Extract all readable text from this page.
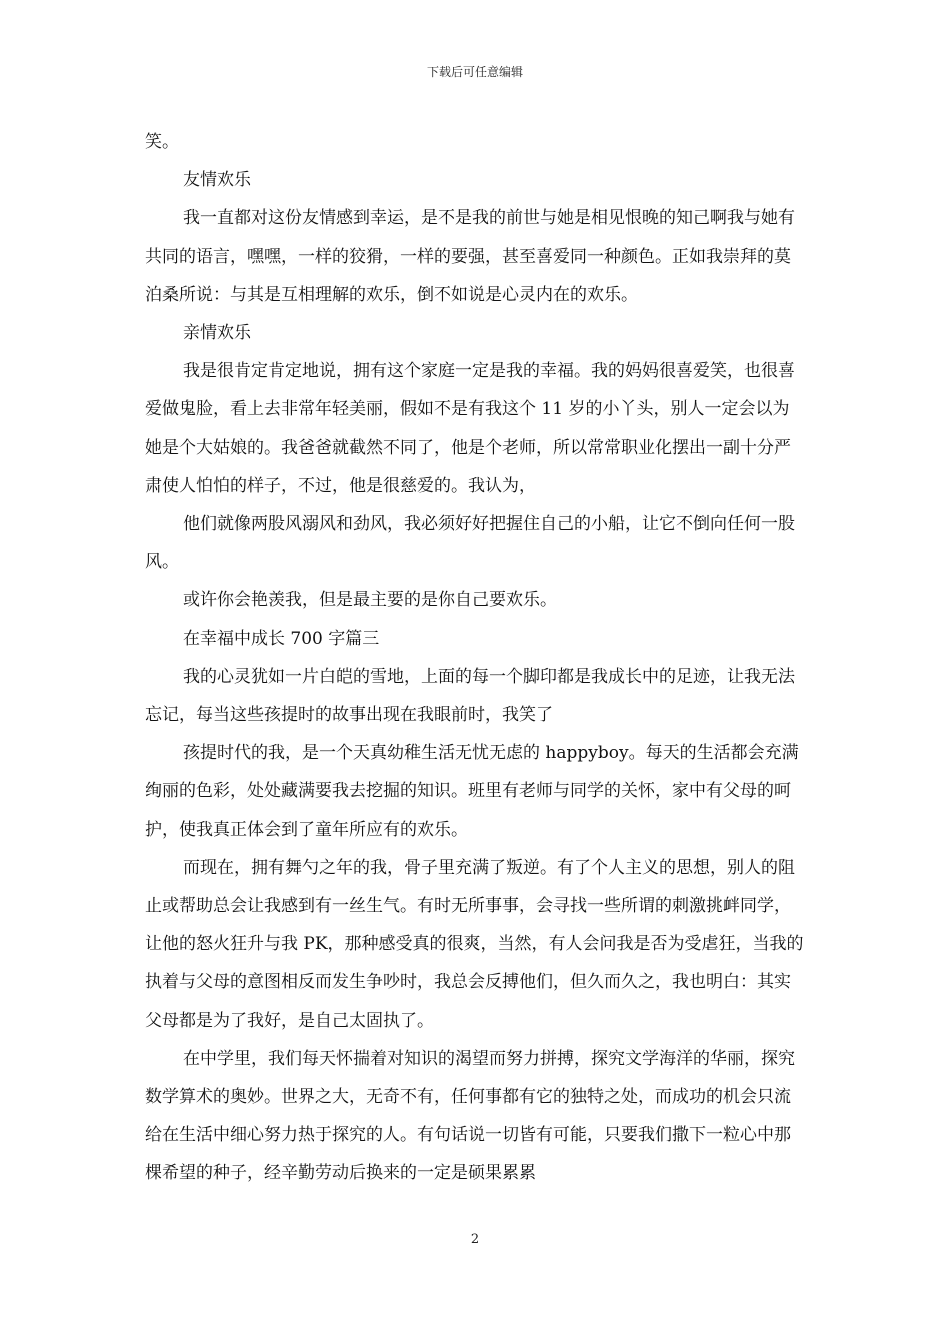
下载后可任意编辑

笑。

友情欢乐

我一直都对这份友情感到幸运，是不是我的前世与她是相见恨晚的知己啊我与她有共同的语言，嘿嘿，一样的狡猾，一样的要强，甚至喜爱同一种颜色。正如我崇拜的莫泊桑所说：与其是互相理解的欢乐，倒不如说是心灵内在的欢乐。

亲情欢乐

我是很肯定肯定地说，拥有这个家庭一定是我的幸福。我的妈妈很喜爱笑，也很喜爱做鬼脸，看上去非常年轻美丽，假如不是有我这个 11 岁的小丫头，别人一定会以为她是个大姑娘的。我爸爸就截然不同了，他是个老师，所以常常职业化摆出一副十分严肃使人怕怕的样子，不过，他是很慈爱的。我认为，

他们就像两股风溺风和劲风，我必须好好把握住自己的小船，让它不倒向任何一股风。

或许你会艳羡我，但是最主要的是你自己要欢乐。

在幸福中成长 700 字篇三

我的心灵犹如一片白皑的雪地，上面的每一个脚印都是我成长中的足迹，让我无法忘记，每当这些孩提时的故事出现在我眼前时，我笑了

孩提时代的我，是一个天真幼稚生活无忧无虑的 happyboy。每天的生活都会充满绚丽的色彩，处处藏满要我去挖掘的知识。班里有老师与同学的关怀，家中有父母的呵护，使我真正体会到了童年所应有的欢乐。

而现在，拥有舞勺之年的我，骨子里充满了叛逆。有了个人主义的思想，别人的阻止或帮助总会让我感到有一丝生气。有时无所事事，会寻找一些所谓的刺激挑衅同学，让他的怒火狂升与我 PK，那种感受真的很爽，当然，有人会问我是否为受虐狂，当我的执着与父母的意图相反而发生争吵时，我总会反搏他们，但久而久之，我也明白：其实父母都是为了我好，是自己太固执了。

在中学里，我们每天怀揣着对知识的渴望而努力拼搏，探究文学海洋的华丽，探究数学算术的奥妙。世界之大，无奇不有，任何事都有它的独特之处，而成功的机会只流给在生活中细心努力热于探究的人。有句话说一切皆有可能，只要我们撒下一粒心中那棵希望的种子，经辛勤劳动后换来的一定是硕果累累

2
